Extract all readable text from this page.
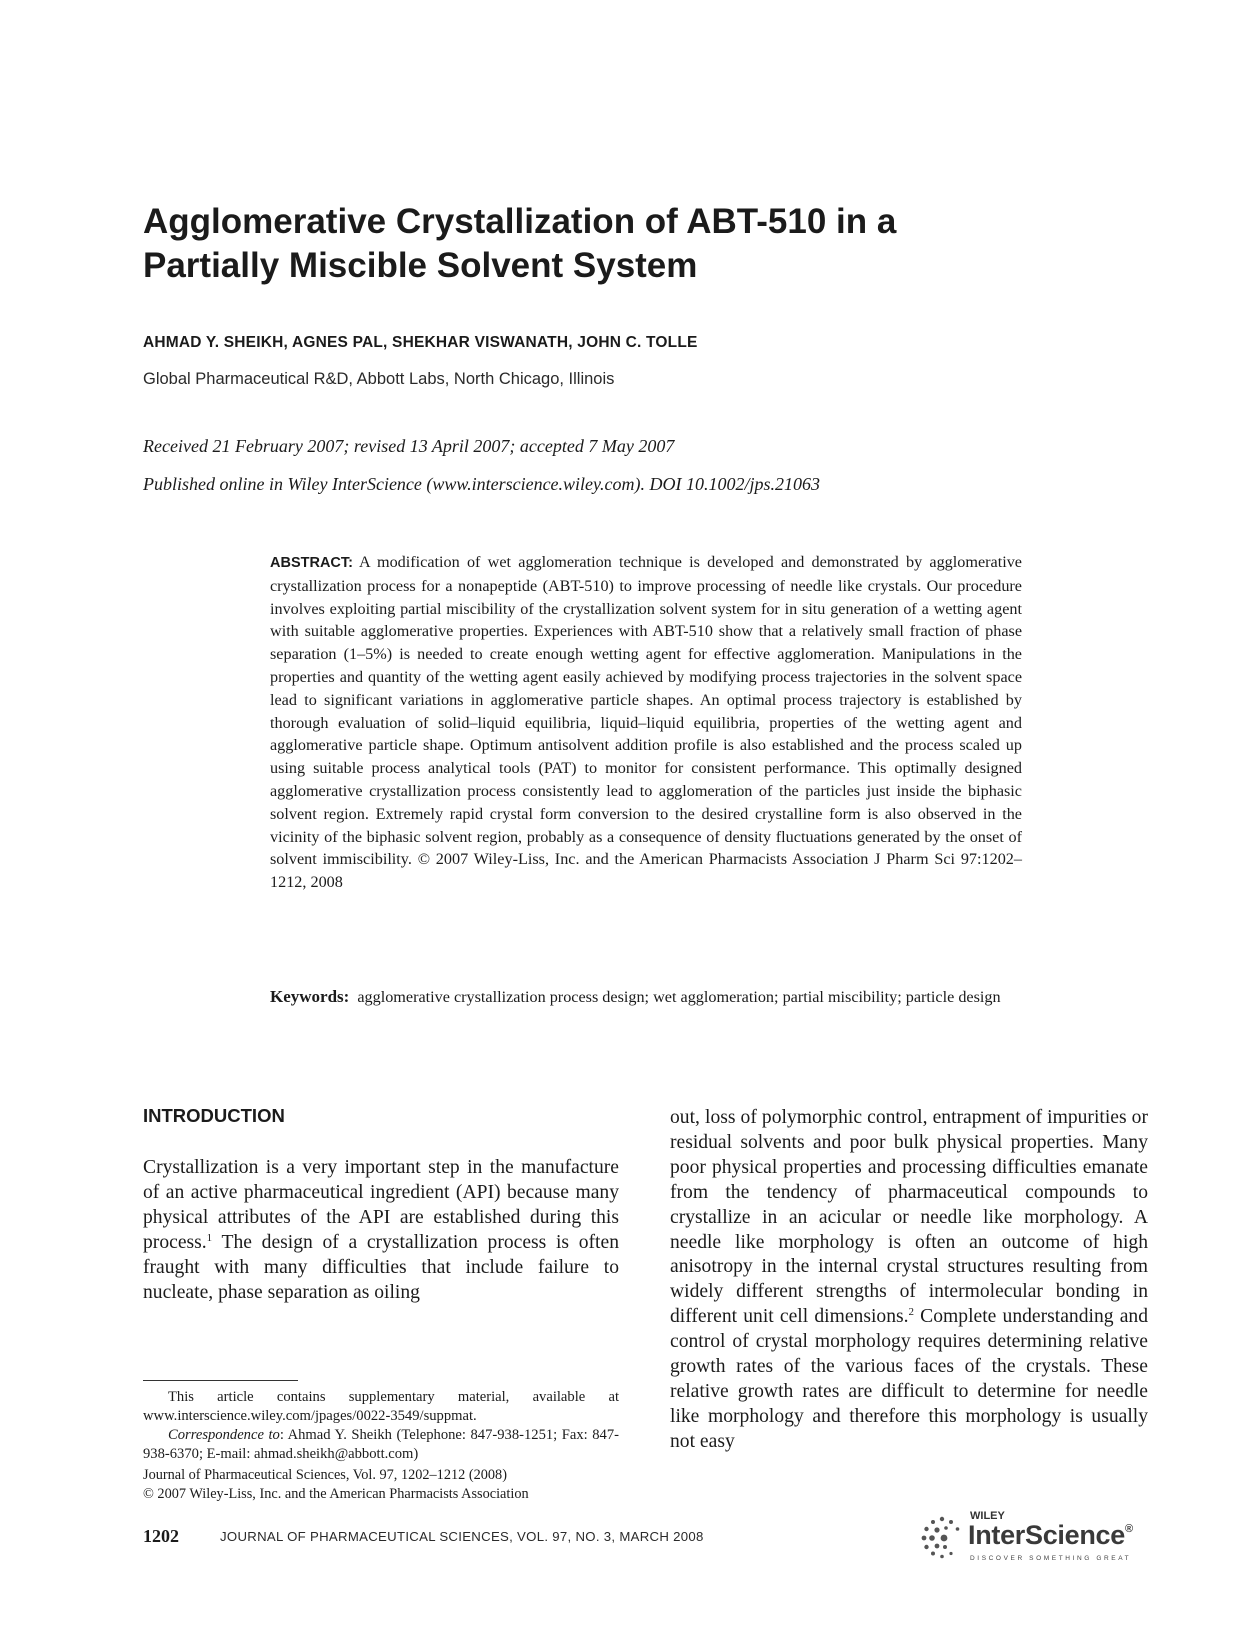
Agglomerative Crystallization of ABT-510 in a
Partially Miscible Solvent System
AHMAD Y. SHEIKH, AGNES PAL, SHEKHAR VISWANATH, JOHN C. TOLLE
Global Pharmaceutical R&D, Abbott Labs, North Chicago, Illinois
Received 21 February 2007; revised 13 April 2007; accepted 7 May 2007
Published online in Wiley InterScience (www.interscience.wiley.com). DOI 10.1002/jps.21063

ABSTRACT: A modification of wet agglomeration technique is developed and demonstrated by agglomerative crystallization process for a nonapeptide (ABT-510) to improve processing of needle like crystals. Our procedure involves exploiting partial miscibility of the crystallization solvent system for in situ generation of a wetting agent with suitable agglomerative properties. Experiences with ABT-510 show that a relatively small fraction of phase separation (1–5%) is needed to create enough wetting agent for effective agglomeration. Manipulations in the properties and quantity of the wetting agent easily achieved by modifying process trajectories in the solvent space lead to significant variations in agglomerative particle shapes. An optimal process trajectory is established by thorough evaluation of solid–liquid equilibria, liquid–liquid equilibria, properties of the wetting agent and agglomerative particle shape. Optimum antisolvent addition profile is also established and the process scaled up using suitable process analytical tools (PAT) to monitor for consistent performance. This optimally designed agglomerative crystallization process consistently lead to agglomeration of the particles just inside the biphasic solvent region. Extremely rapid crystal form conversion to the desired crystalline form is also observed in the vicinity of the biphasic solvent region, probably as a consequence of density fluctuations generated by the onset of solvent immiscibility. © 2007 Wiley-Liss, Inc. and the American Pharmacists Association J Pharm Sci 97:1202–1212, 2008

Keywords: agglomerative crystallization process design; wet agglomeration; partial miscibility; particle design

INTRODUCTION

Crystallization is a very important step in the manufacture of an active pharmaceutical ingredient (API) because many physical attributes of the API are established during this process.$^1$ The design of a crystallization process is often fraught with many difficulties that include failure to nucleate, phase separation as oiling

out, loss of polymorphic control, entrapment of impurities or residual solvents and poor bulk physical properties. Many poor physical properties and processing difficulties emanate from the tendency of pharmaceutical compounds to crystallize in an acicular or needle like morphology. A needle like morphology is often an outcome of high anisotropy in the internal crystal structures resulting from widely different strengths of intermolecular bonding in different unit cell dimensions.$^2$ Complete understanding and control of crystal morphology requires determining relative growth rates of the various faces of the crystals. These relative growth rates are difficult to determine for needle like morphology and therefore this morphology is usually not easy

This article contains supplementary material, available at www.interscience.wiley.com/jpages/0022-3549/suppmat.

Correspondence to: Ahmad Y. Sheikh (Telephone: 847-938-1251; Fax: 847-938-6370; E-mail: ahmad.sheikh@abbott.com)

Journal of Pharmaceutical Sciences, Vol. 97, 1202–1212 (2008)
© 2007 Wiley-Liss, Inc. and the American Pharmacists Association
1202	JOURNAL OF PHARMACEUTICAL SCIENCES, VOL. 97, NO. 3, MARCH 2008
WILEY
InterScience®
DISCOVER SOMETHING GREAT
